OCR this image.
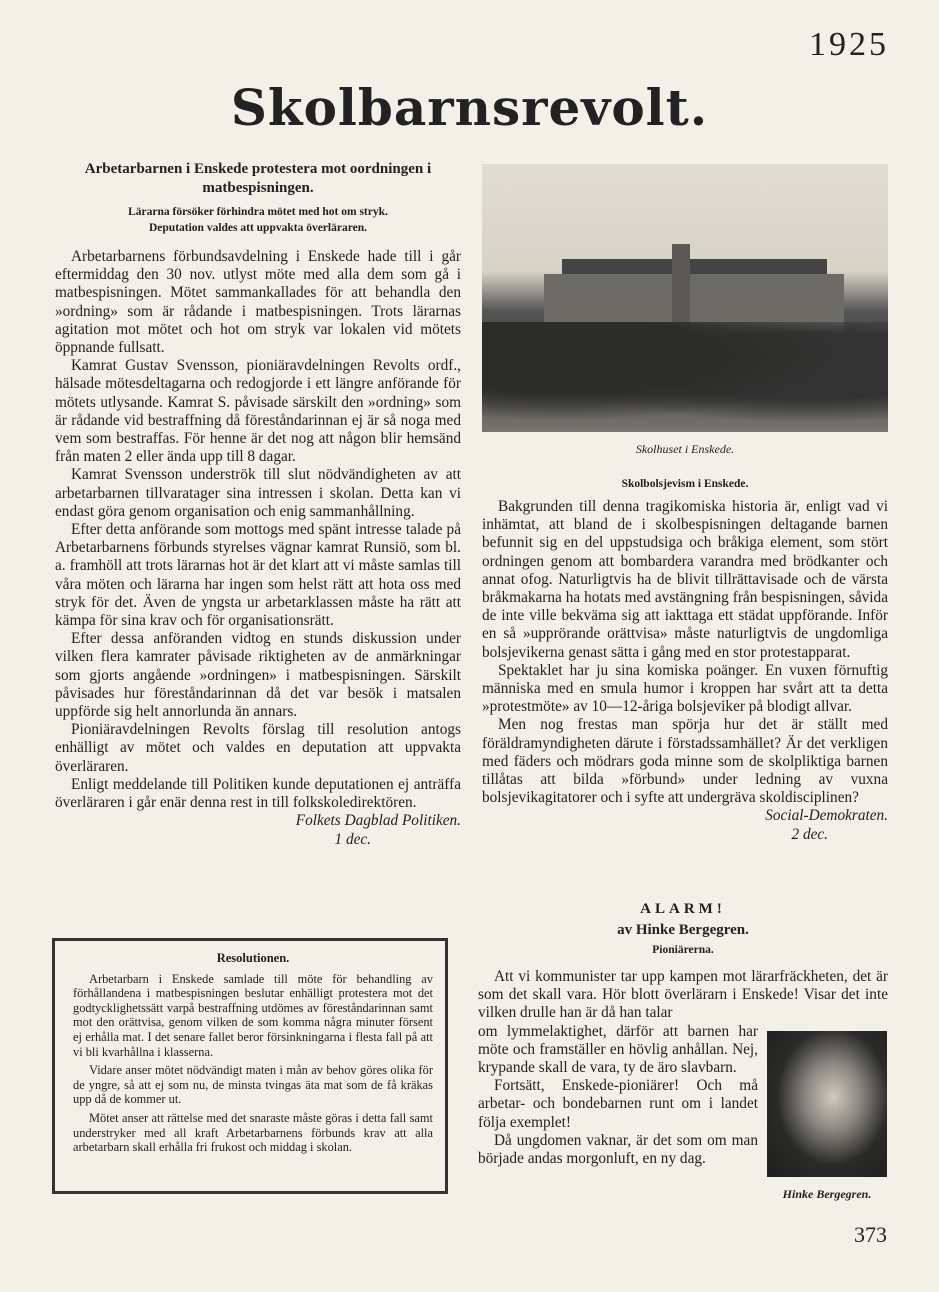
1925
Skolbarnsrevolt.
Arbetarbarnen i Enskede protestera mot oordningen i matbespisningen.
Lärarna försöker förhindra mötet med hot om stryk.
Deputation valdes att uppvakta överläraren.

Arbetarbarnens förbundsavdelning i Enskede hade till i går eftermiddag den 30 nov. utlyst möte med alla dem som gå i matbespisningen. Mötet sammankallades för att behandla den »ordning» som är rådande i matbespisningen. Trots lärarnas agitation mot mötet och hot om stryk var lokalen vid mötets öppnande fullsatt.

Kamrat Gustav Svensson, pioniäravdelningen Revolts ordf., hälsade mötesdeltagarna och redogjorde i ett längre anförande för mötets utlysande. Kamrat S. påvisade särskilt den »ordning» som är rådande vid bestraffning då föreståndarinnan ej är så noga med vem som bestraffas. För henne är det nog att någon blir hemsänd från maten 2 eller ända upp till 8 dagar.

Kamrat Svensson underströk till slut nödvändigheten av att arbetarbarnen tillvaratager sina intressen i skolan. Detta kan vi endast göra genom organisation och enig sammanhållning.

Efter detta anförande som mottogs med spänt intresse talade på Arbetarbarnens förbunds styrelses vägnar kamrat Runsiö, som bl. a. framhöll att trots lärarnas hot är det klart att vi måste samlas till våra möten och lärarna har ingen som helst rätt att hota oss med stryk för det. Även de yngsta ur arbetarklassen måste ha rätt att kämpa för sina krav och för organisationsrätt.

Efter dessa anföranden vidtog en stunds diskussion under vilken flera kamrater påvisade riktigheten av de anmärkningar som gjorts angående »ordningen» i matbespisningen. Särskilt påvisades hur föreståndarinnan då det var besök i matsalen uppförde sig helt annorlunda än annars.

Pioniäravdelningen Revolts förslag till resolution antogs enhälligt av mötet och valdes en deputation att uppvakta överläraren.

Enligt meddelande till Politiken kunde deputationen ej anträffa överläraren i går enär denna rest in till folkskoledirektören.

Folkets Dagblad Politiken.
1 dec.
Resolutionen.

Arbetarbarn i Enskede samlade till möte för behandling av förhållandena i matbespisningen beslutar enhälligt protestera mot det godtycklighetssätt varpå bestraffning utdömes av föreståndarinnan samt mot den orättvisa, genom vilken de som komma några minuter försent ej erhålla mat. I det senare fallet beror försinkningarna i flesta fall på att vi bli kvarhållna i klasserna.

Vidare anser mötet nödvändigt maten i mån av behov göres olika för de yngre, så att ej som nu, de minsta tvingas äta mat som de få kräkas upp då de kommer ut.

Mötet anser att rättelse med det snaraste måste göras i detta fall samt understryker med all kraft Arbetarbarnens förbunds krav att alla arbetarbarn skall erhålla fri frukost och middag i skolan.

Skolhuset i Enskede.
Skolbolsjevism i Enskede.

Bakgrunden till denna tragikomiska historia är, enligt vad vi inhämtat, att bland de i skolbespisningen deltagande barnen befunnit sig en del uppstudsiga och bråkiga element, som stört ordningen genom att bombardera varandra med brödkanter och annat ofog. Naturligtvis ha de blivit tillrättavisade och de värsta bråkmakarna ha hotats med avstängning från bespisningen, såvida de inte ville bekväma sig att iakttaga ett städat uppförande. Inför en så »upprörande orättvisa» måste naturligtvis de ungdomliga bolsjevikerna genast sätta i gång med en stor protestapparat.

Spektaklet har ju sina komiska poänger. En vuxen förnuftig människa med en smula humor i kroppen har svårt att ta detta »protestmöte» av 10—12-åriga bolsjeviker på blodigt allvar.

Men nog frestas man spörja hur det är ställt med föräldramyndigheten därute i förstadssamhället? Är det verkligen med fäders och mödrars goda minne som de skolpliktiga barnen tillåtas att bilda »förbund» under ledning av vuxna bolsjevikagitatorer och i syfte att undergräva skoldisciplinen?

Social-Demokraten.
2 dec.
ALARM!
av Hinke Bergegren.
Pioniärerna.

Att vi kommunister tar upp kampen mot lärarfräckheten, det är som det skall vara. Hör blott överlärarn i Enskede! Visar det inte vilken drulle han är då han talar

om lymmelaktighet, därför att barnen har möte och framställer en hövlig anhållan. Nej, krypande skall de vara, ty de äro slavbarn.

Fortsätt, Enskede-pioniärer! Och må arbetar- och bondebarnen runt om i landet följa exemplet!

Då ungdomen vaknar, är det som om man började andas morgonluft, en ny dag.

Hinke Bergegren.
373
